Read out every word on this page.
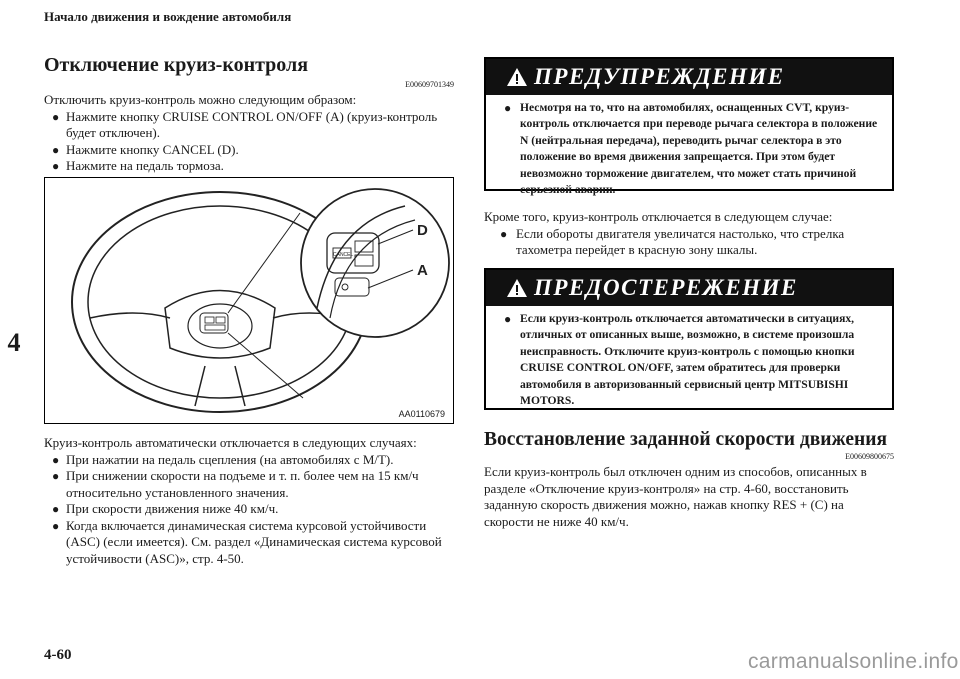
Начало движения и вождение автомобиля
4
4-60	carmanualsonline.info
Отключение круиз-контроля
E00609701349
Отключить круиз-контроль можно следующим образом:
● Нажмите кнопку CRUISE CONTROL ON/OFF (A) (круиз-контроль будет отключен).
● Нажмите кнопку CANCEL (D).
● Нажмите на педаль тормоза.
CANCEL
D
A
AA0110679
Круиз-контроль автоматически отключается в следующих случаях:
● При нажатии на педаль сцепления (на автомобилях с М/Т).
● При снижении скорости на подъеме и т. п. более чем на 15 км/ч относительно установленного значения.
● При скорости движения ниже 40 км/ч.
● Когда включается динамическая система курсовой устойчивости (ASC) (если имеется). См. раздел «Динамическая система курсовой устойчивости (ASC)», стр. 4-50.
ПРЕДУПРЕЖДЕНИЕ
● Несмотря на то, что на автомобилях, оснащенных CVT, круиз-контроль отключается при переводе рычага селектора в положение N (нейтральная передача), переводить рычаг селектора в это положение во время движения запрещается. При этом будет невозможно торможение двигателем, что может стать причиной серьезной аварии.
Кроме того, круиз-контроль отключается в следующем случае:
● Если обороты двигателя увеличатся настолько, что стрелка тахометра перейдет в красную зону шкалы.
ПРЕДОСТЕРЕЖЕНИЕ
● Если круиз-контроль отключается автоматически в ситуациях, отличных от описанных выше, возможно, в системе произошла неисправность. Отключите круиз-контроль с помощью кнопки CRUISE CONTROL ON/OFF, затем обратитесь для проверки автомобиля в авторизованный сервисный центр MITSUBISHI MOTORS.
Восстановление заданной скорости движения
E00609800675
Если круиз-контроль был отключен одним из способов, описанных в разделе «Отключение круиз-контроля» на стр. 4-60, восстановить заданную скорость движения можно, нажав кнопку RES + (C) на скорости не ниже 40 км/ч.
